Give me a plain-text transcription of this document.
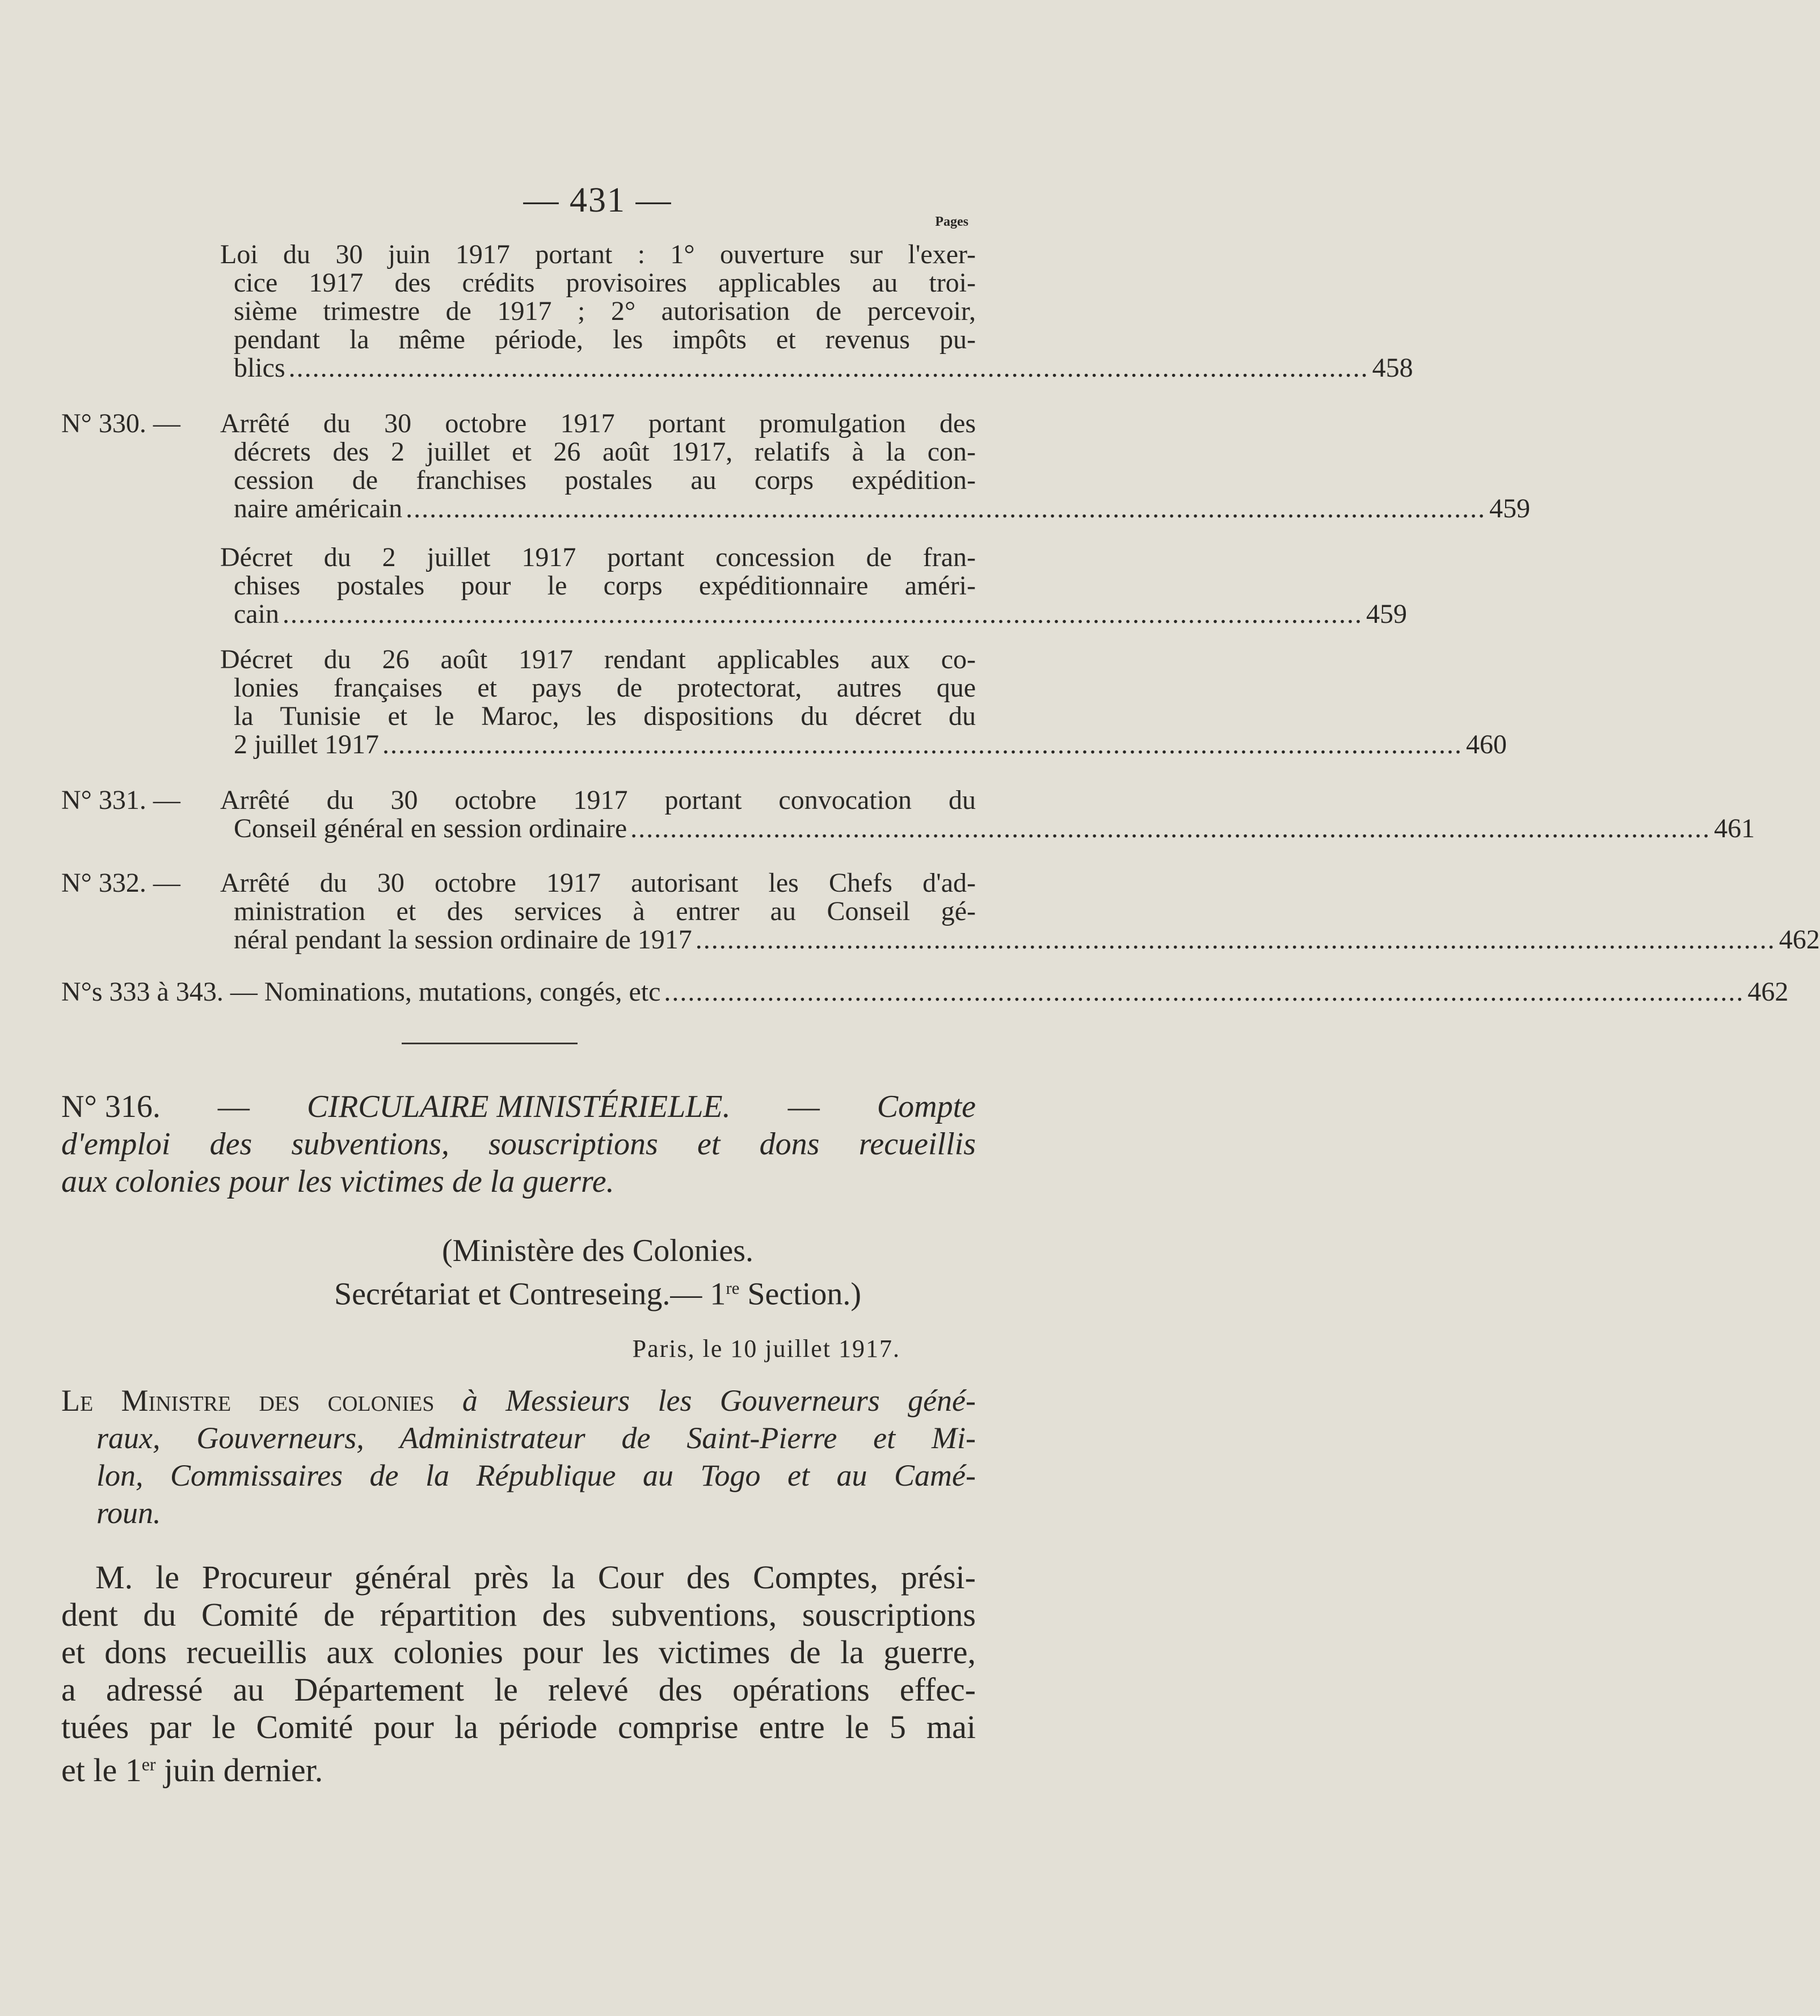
— 431 —
Pages
Loi du 30 juin 1917 portant : 1° ouverture sur l'exer-
cice 1917 des crédits provisoires applicables au troi-
sième trimestre de 1917 ; 2° autorisation de percevoir,
pendant la même période, les impôts et revenus pu-
blics ........................................................................................................................................ 458
N° 330. — Arrêté du 30 octobre 1917 portant promulgation des
décrets des 2 juillet et 26 août 1917, relatifs à la con-
cession de franchises postales au corps expédition-
naire américain ........................................................................................................................................ 459
Décret du 2 juillet 1917 portant concession de fran-
chises postales pour le corps expéditionnaire améri-
cain ........................................................................................................................................ 459
Décret du 26 août 1917 rendant applicables aux co-
lonies françaises et pays de protectorat, autres que
la Tunisie et le Maroc, les dispositions du décret du
2 juillet 1917 ........................................................................................................................................ 460
N° 331. — Arrêté du 30 octobre 1917 portant convocation du
Conseil général en session ordinaire ........................................................................................................................................ 461
N° 332. — Arrêté du 30 octobre 1917 autorisant les Chefs d'ad-
ministration et des services à entrer au Conseil gé-
néral pendant la session ordinaire de 1917 ........................................................................................................................................ 462
N°s 333 à 343. — Nominations, mutations, congés, etc ........................................................................................................................................ 462
N° 316. — CIRCULAIRE MINISTÉRIELLE. — Compte
d'emploi des subventions, souscriptions et dons recueillis
aux colonies pour les victimes de la guerre.
(Ministère des Colonies.
Secrétariat et Contreseing.— 1re Section.)
Paris, le 10 juillet 1917.
Le Ministre des colonies à Messieurs les Gouverneurs géné-
raux, Gouverneurs, Administrateur de Saint-Pierre et Mi-
lon, Commissaires de la République au Togo et au Camé-
roun.
M. le Procureur général près la Cour des Comptes, prési-
dent du Comité de répartition des subventions, souscriptions
et dons recueillis aux colonies pour les victimes de la guerre,
a adressé au Département le relevé des opérations effec-
tuées par le Comité pour la période comprise entre le 5 mai
et le 1er juin dernier.
